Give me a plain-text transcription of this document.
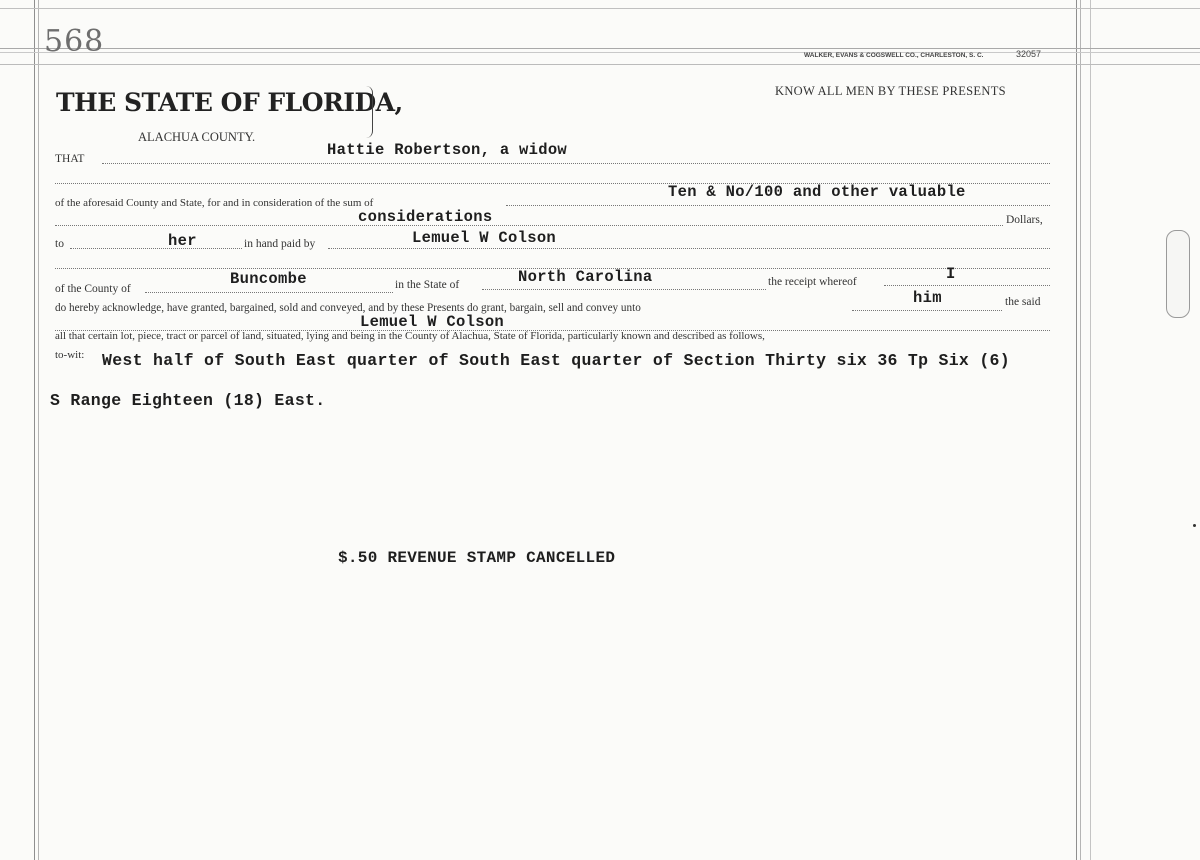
568	WALKER, EVANS & COGSWELL CO., CHARLESTON, S. C.	32057
THE STATE OF FLORIDA,	KNOW ALL MEN BY THESE PRESENTS
ALACHUA COUNTY.
THAT	Hattie Robertson, a widow
of the aforesaid County and State, for and in consideration of the sum of
Ten & No/100 and other valuable
considerations	Dollars,
to	her	in hand paid by	Lemuel W Colson
of the County of
Buncombe	in the State of	North Carolina	the receipt whereof	I
do hereby acknowledge, have granted, bargained, sold and conveyed, and by these Presents do grant, bargain, sell and convey unto
him	the said
Lemuel W Colson
all that certain lot, piece, tract or parcel of land, situated, lying and being in the County of Alachua, State of Florida, particularly known and described as follows,
to-wit: West half of South East quarter of South East quarter of Section Thirty six 36 Tp Six (6)
S Range Eighteen (18) East.
$.50 REVENUE STAMP CANCELLED
